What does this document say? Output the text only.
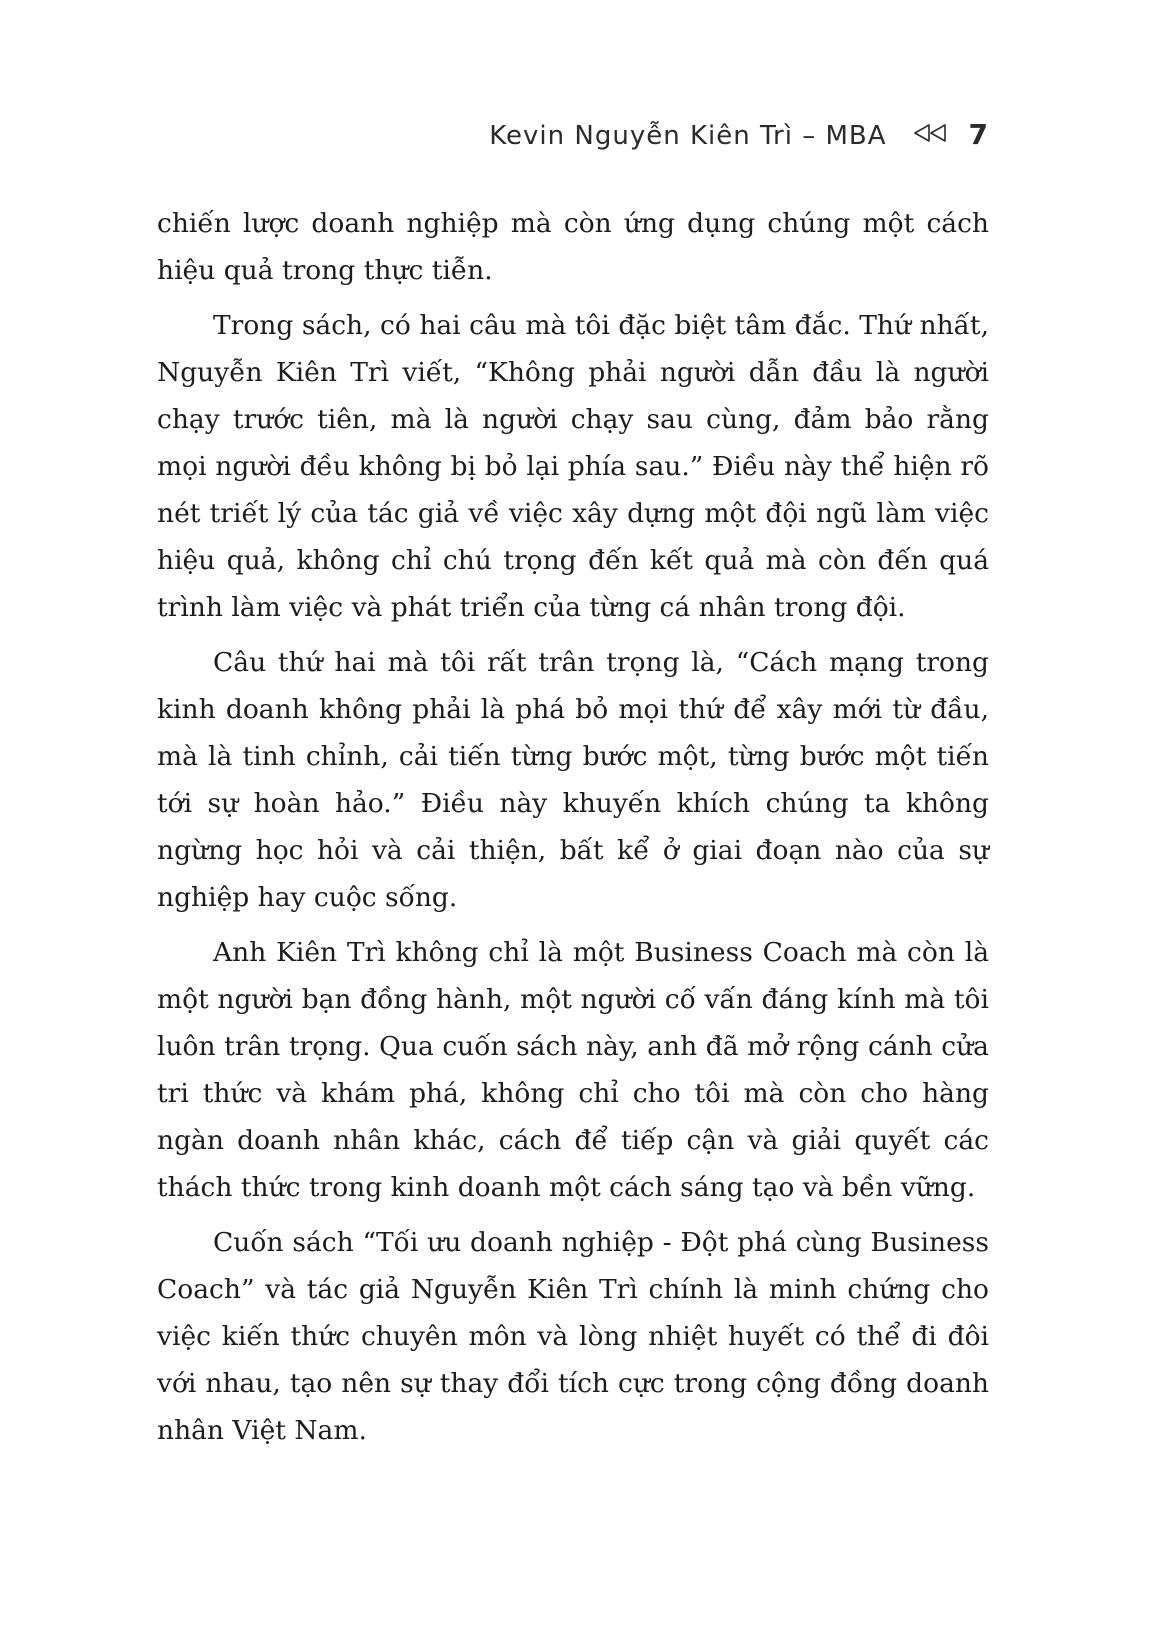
Kevin Nguyễn Kiên Trì – MBA	7

chiến lược doanh nghiệp mà còn ứng dụng chúng một cách hiệu quả trong thực tiễn.

Trong sách, có hai câu mà tôi đặc biệt tâm đắc. Thứ nhất, Nguyễn Kiên Trì viết, “Không phải người dẫn đầu là người chạy trước tiên, mà là người chạy sau cùng, đảm bảo rằng mọi người đều không bị bỏ lại phía sau.” Điều này thể hiện rõ nét triết lý của tác giả về việc xây dựng một đội ngũ làm việc hiệu quả, không chỉ chú trọng đến kết quả mà còn đến quá trình làm việc và phát triển của từng cá nhân trong đội.

Câu thứ hai mà tôi rất trân trọng là, “Cách mạng trong kinh doanh không phải là phá bỏ mọi thứ để xây mới từ đầu, mà là tinh chỉnh, cải tiến từng bước một, từng bước một tiến tới sự hoàn hảo.” Điều này khuyến khích chúng ta không ngừng học hỏi và cải thiện, bất kể ở giai đoạn nào của sự nghiệp hay cuộc sống.

Anh Kiên Trì không chỉ là một Business Coach mà còn là một người bạn đồng hành, một người cố vấn đáng kính mà tôi luôn trân trọng. Qua cuốn sách này, anh đã mở rộng cánh cửa tri thức và khám phá, không chỉ cho tôi mà còn cho hàng ngàn doanh nhân khác, cách để tiếp cận và giải quyết các thách thức trong kinh doanh một cách sáng tạo và bền vững.

Cuốn sách “Tối ưu doanh nghiệp - Đột phá cùng Business Coach” và tác giả Nguyễn Kiên Trì chính là minh chứng cho việc kiến thức chuyên môn và lòng nhiệt huyết có thể đi đôi với nhau, tạo nên sự thay đổi tích cực trong cộng đồng doanh nhân Việt Nam.
